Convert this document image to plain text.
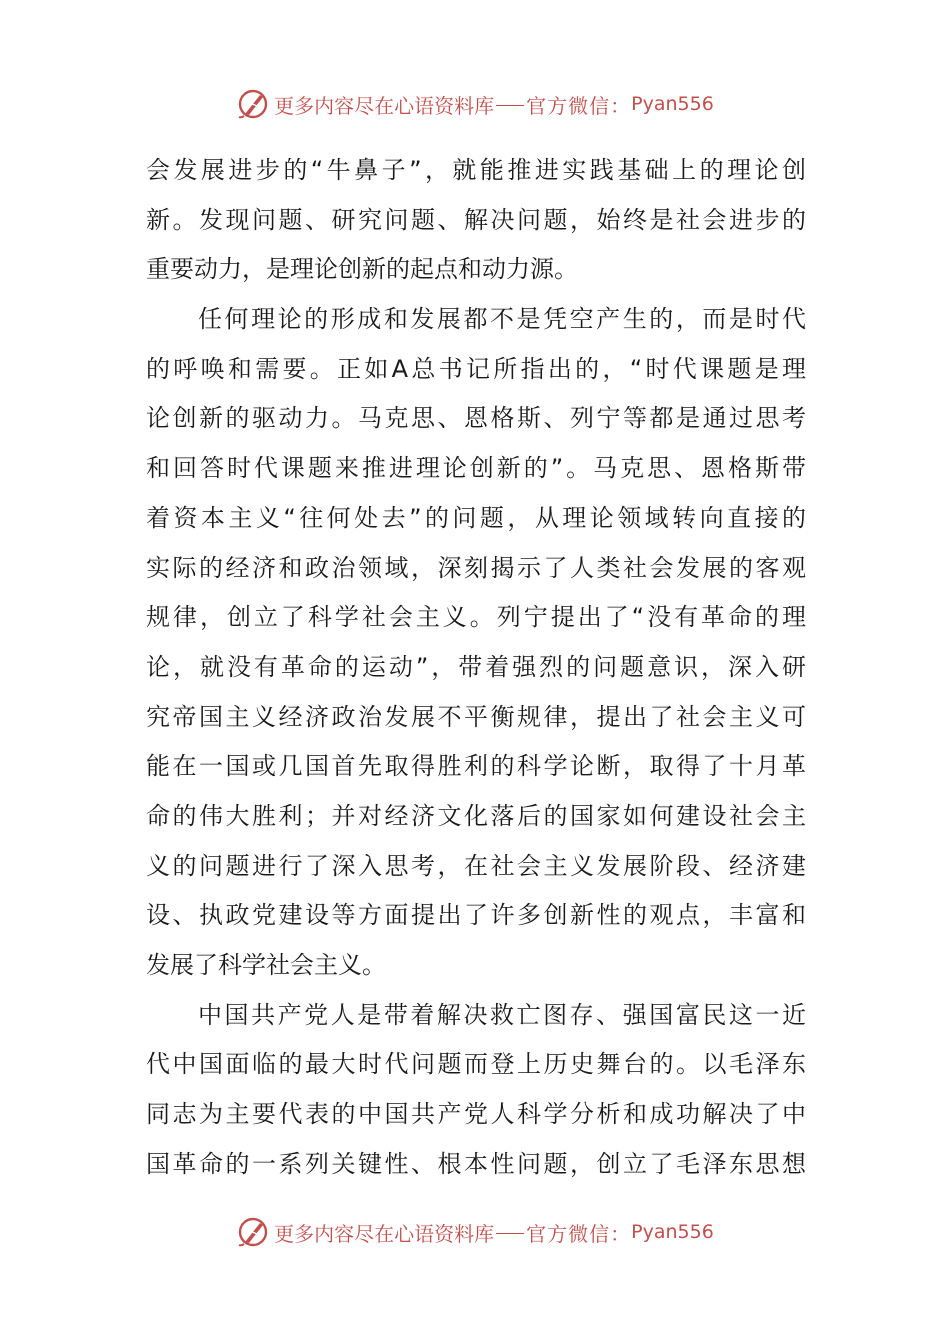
更多内容尽在心语资料库 官方微信： Pyan556
会发展进步的“牛鼻子”，就能推进实践基础上的理论创
新。发现问题、研究问题、解决问题，始终是社会进步的
重要动力，是理论创新的起点和动力源。
任何理论的形成和发展都不是凭空产生的，而是时代
的呼唤和需要。正如A总书记所指出的，“时代课题是理
论创新的驱动力。马克思、恩格斯、列宁等都是通过思考
和回答时代课题来推进理论创新的”。马克思、恩格斯带
着资本主义“往何处去”的问题，从理论领域转向直接的
实际的经济和政治领域，深刻揭示了人类社会发展的客观
规律，创立了科学社会主义。列宁提出了“没有革命的理
论，就没有革命的运动”，带着强烈的问题意识，深入研
究帝国主义经济政治发展不平衡规律，提出了社会主义可
能在一国或几国首先取得胜利的科学论断，取得了十月革
命的伟大胜利；并对经济文化落后的国家如何建设社会主
义的问题进行了深入思考，在社会主义发展阶段、经济建
设、执政党建设等方面提出了许多创新性的观点，丰富和
发展了科学社会主义。
中国共产党人是带着解决救亡图存、强国富民这一近
代中国面临的最大时代问题而登上历史舞台的。以毛泽东
同志为主要代表的中国共产党人科学分析和成功解决了中
国革命的一系列关键性、根本性问题，创立了毛泽东思想
更多内容尽在心语资料库 官方微信： Pyan556
